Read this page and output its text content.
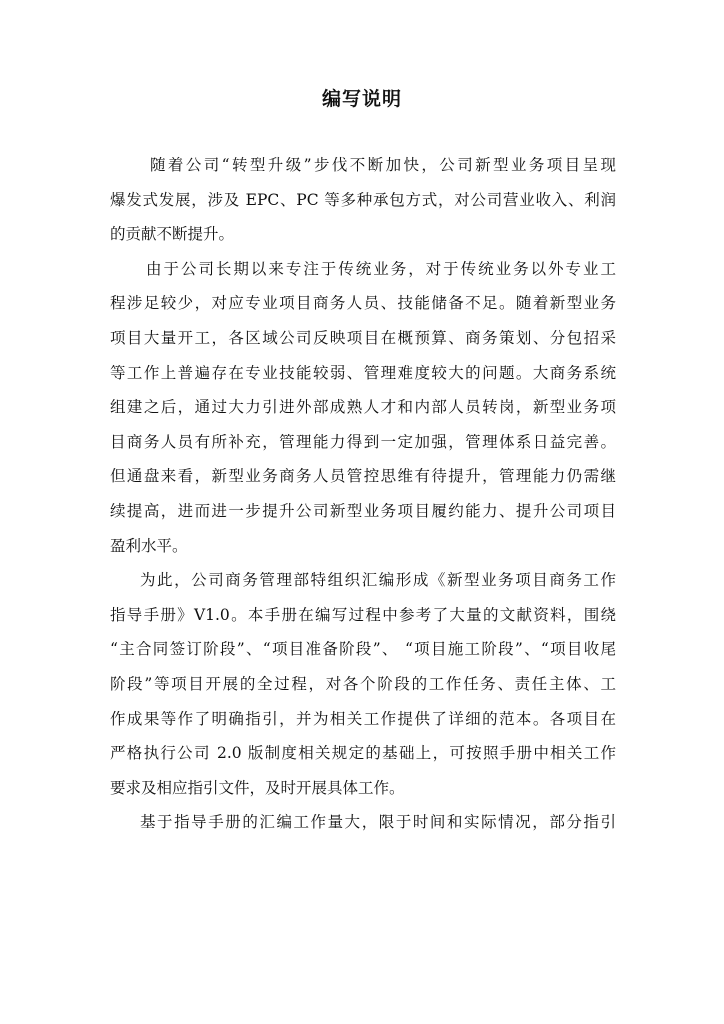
编写说明
随着公司“转型升级”步伐不断加快，公司新型业务项目呈现
爆发式发展，涉及 EPC、PC 等多种承包方式，对公司营业收入、利润
的贡献不断提升。
由于公司长期以来专注于传统业务，对于传统业务以外专业工
程涉足较少，对应专业项目商务人员、技能储备不足。随着新型业务
项目大量开工，各区域公司反映项目在概预算、商务策划、分包招采
等工作上普遍存在专业技能较弱、管理难度较大的问题。大商务系统
组建之后，通过大力引进外部成熟人才和内部人员转岗，新型业务项
目商务人员有所补充，管理能力得到一定加强，管理体系日益完善。
但通盘来看，新型业务商务人员管控思维有待提升，管理能力仍需继
续提高，进而进一步提升公司新型业务项目履约能力、提升公司项目
盈利水平。
为此，公司商务管理部特组织汇编形成《新型业务项目商务工作
指导手册》V1.0。本手册在编写过程中参考了大量的文献资料，围绕
“主合同签订阶段”、“项目准备阶段”、 “项目施工阶段”、“项目收尾
阶段”等项目开展的全过程，对各个阶段的工作任务、责任主体、工
作成果等作了明确指引，并为相关工作提供了详细的范本。各项目在
严格执行公司 2.0 版制度相关规定的基础上，可按照手册中相关工作
要求及相应指引文件，及时开展具体工作。
基于指导手册的汇编工作量大，限于时间和实际情况，部分指引
